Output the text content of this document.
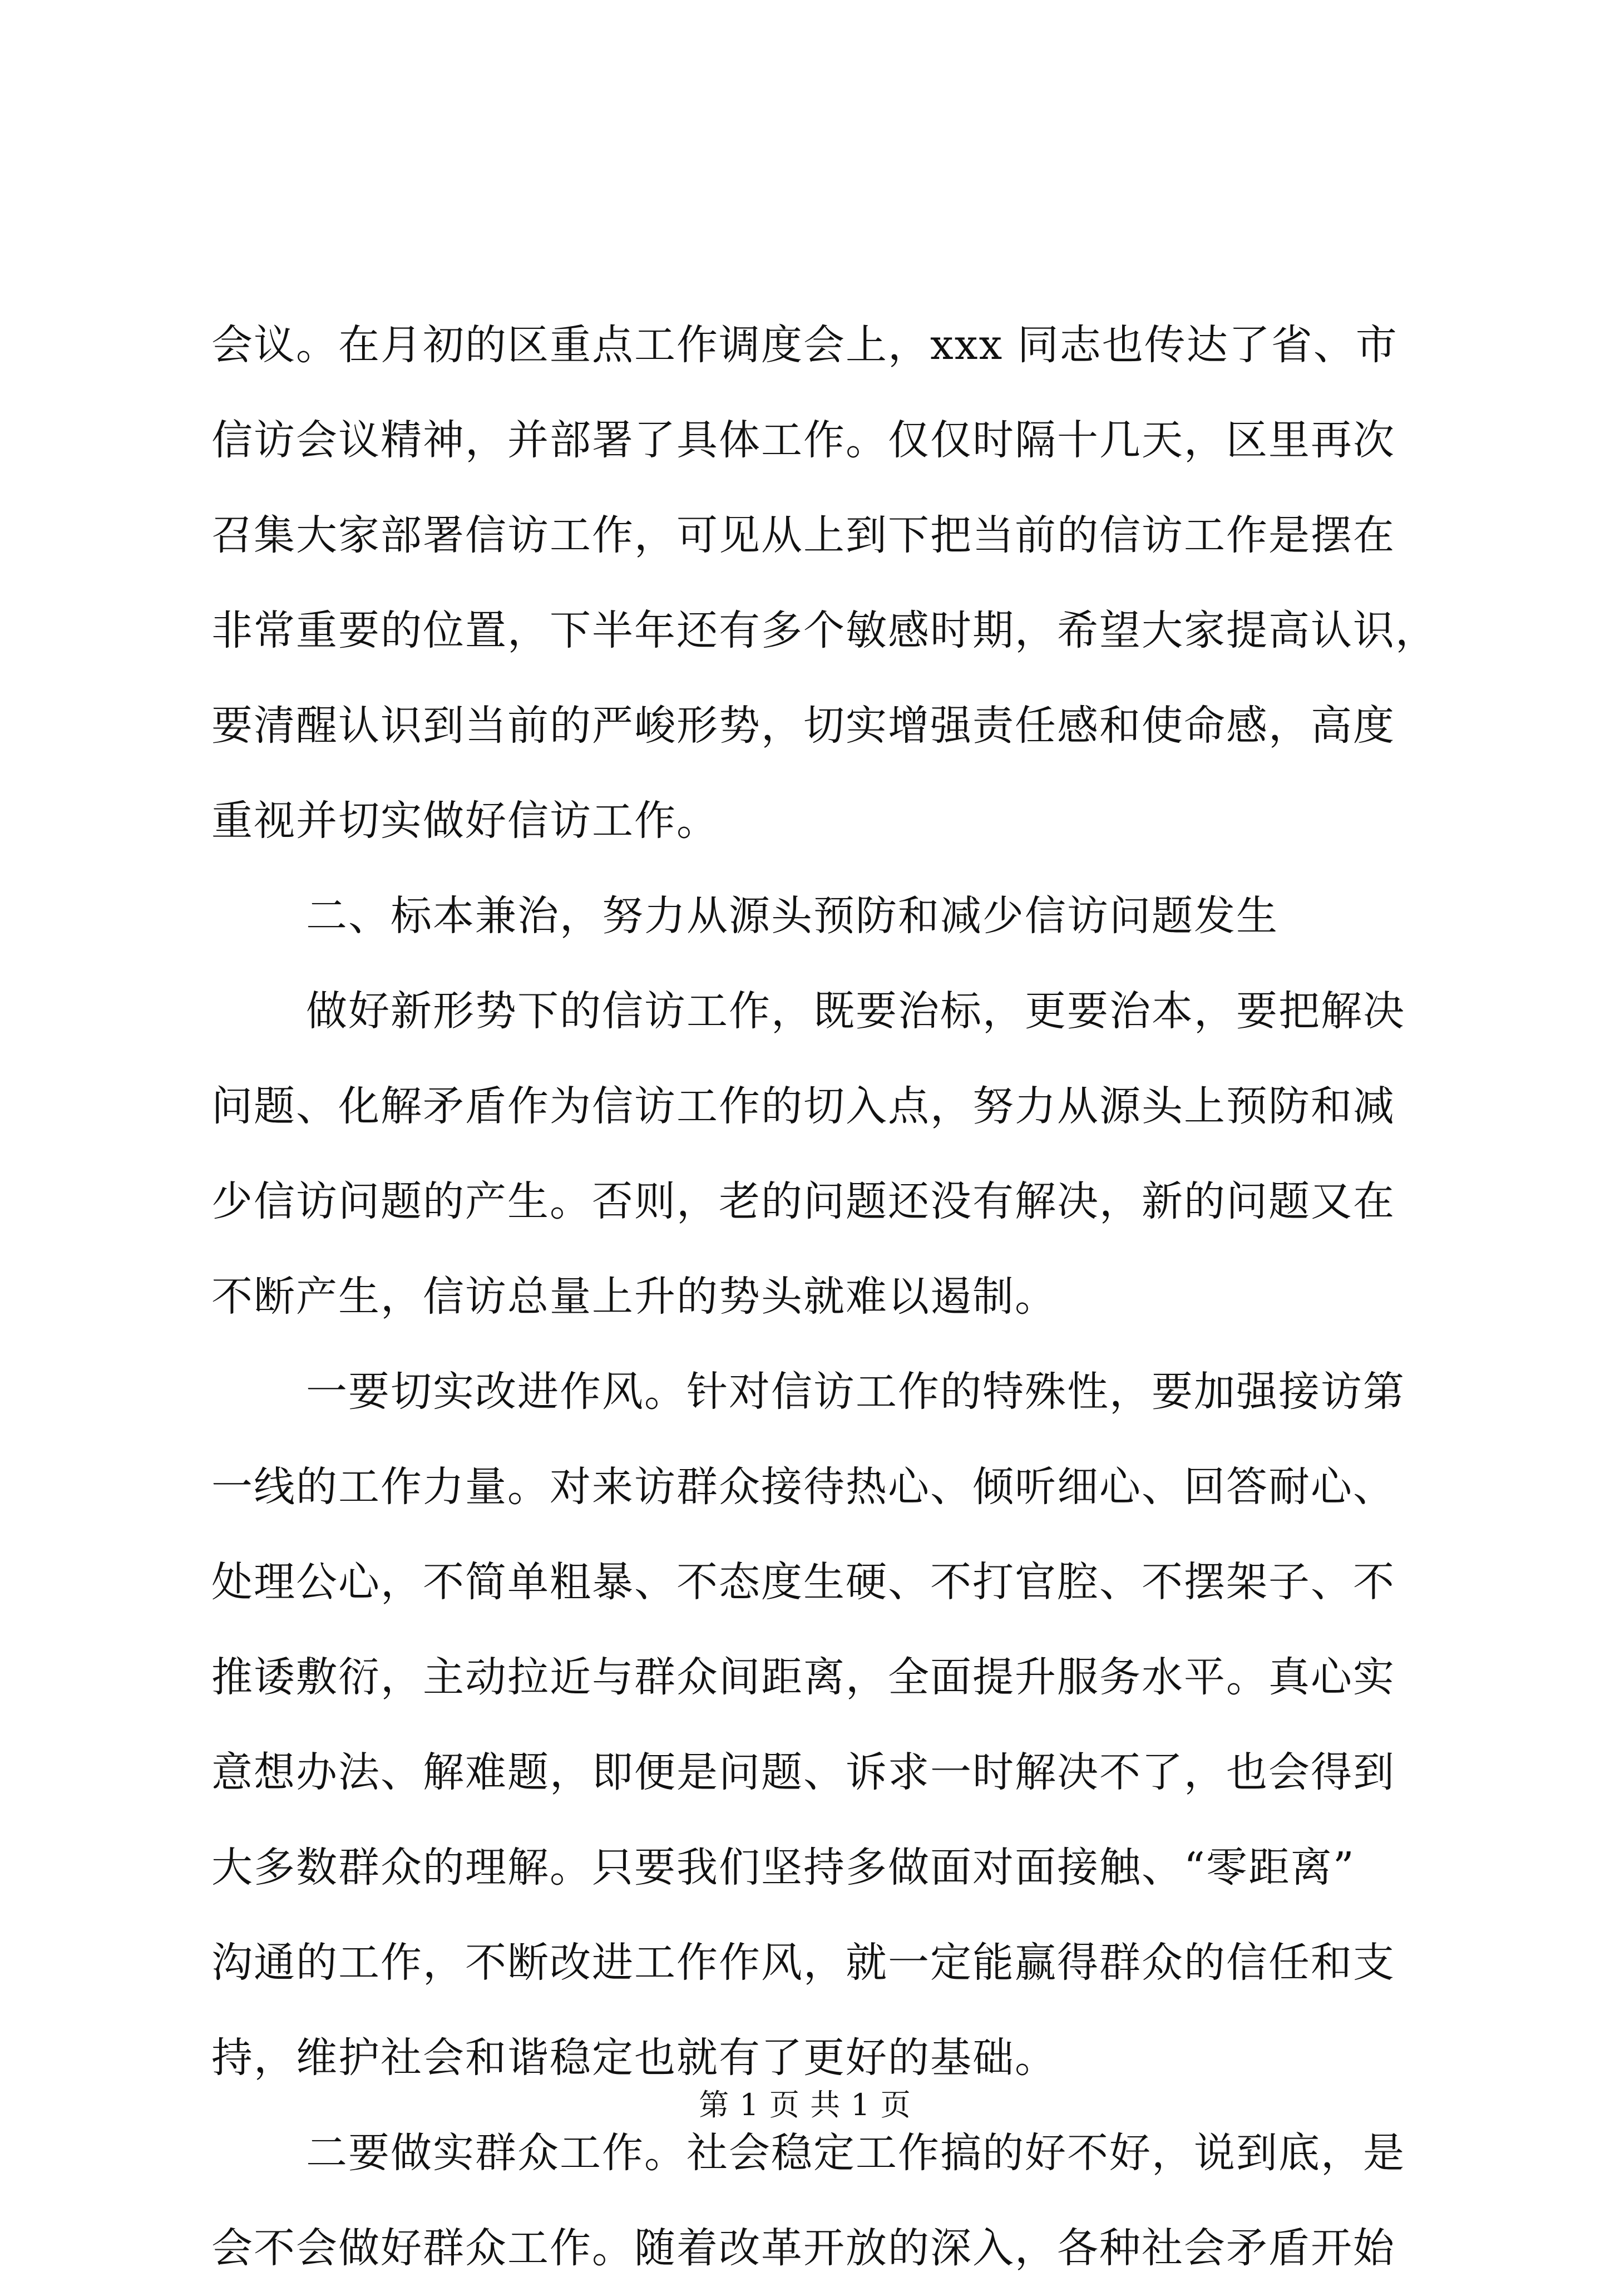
会议。在月初的区重点工作调度会上，xxx 同志也传达了省、市
信访会议精神，并部署了具体工作。仅仅时隔十几天，区里再次
召集大家部署信访工作，可见从上到下把当前的信访工作是摆在
非常重要的位置，下半年还有多个敏感时期，希望大家提高认识，
要清醒认识到当前的严峻形势，切实增强责任感和使命感，高度
重视并切实做好信访工作。
二、标本兼治，努力从源头预防和减少信访问题发生
做好新形势下的信访工作，既要治标，更要治本，要把解决
问题、化解矛盾作为信访工作的切入点，努力从源头上预防和减
少信访问题的产生。否则，老的问题还没有解决，新的问题又在
不断产生，信访总量上升的势头就难以遏制。
一要切实改进作风。针对信访工作的特殊性，要加强接访第
一线的工作力量。对来访群众接待热心、倾听细心、回答耐心、
处理公心，不简单粗暴、不态度生硬、不打官腔、不摆架子、不
推诿敷衍，主动拉近与群众间距离，全面提升服务水平。真心实
意想办法、解难题，即便是问题、诉求一时解决不了，也会得到
大多数群众的理解。只要我们坚持多做面对面接触、“零距离”
沟通的工作，不断改进工作作风，就一定能赢得群众的信任和支
持，维护社会和谐稳定也就有了更好的基础。
二要做实群众工作。社会稳定工作搞的好不好，说到底，是
会不会做好群众工作。随着改革开放的深入，各种社会矛盾开始
第 1 页 共 1 页
